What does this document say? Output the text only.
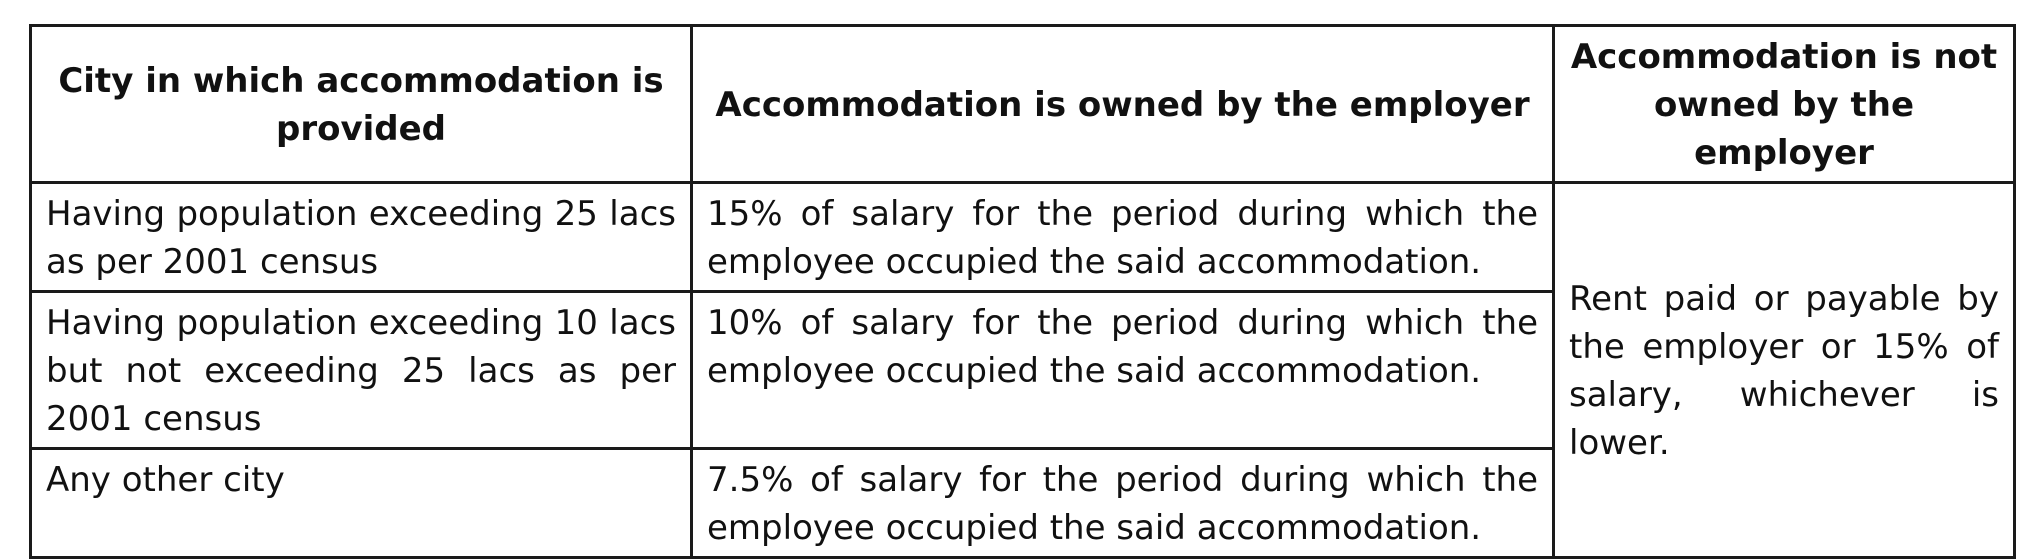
City in which accommodation is provided	Accommodation is owned by the employer	Accommodation is not owned by the employer
Having population exceeding 25 lacs as per 2001 census	15% of salary for the period during which the employee occupied the said accommodation.	Rent paid or payable by the employer or 15% of salary, whichever is lower.
Having population exceeding 10 lacs but not exceeding 25 lacs as per 2001 census	10% of salary for the period during which the employee occupied the said accommodation.	
Any other city	7.5% of salary for the period during which the employee occupied the said accommodation.	
